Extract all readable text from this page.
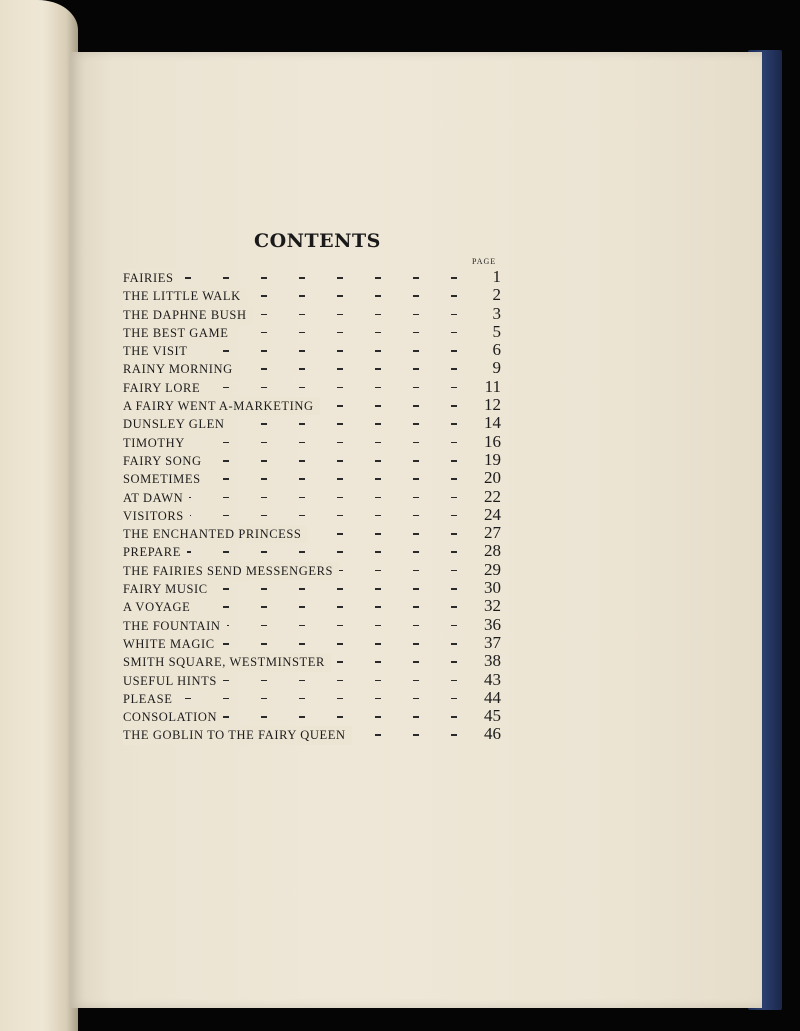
CONTENTS
PAGE
FAIRIES	1
THE LITTLE WALK	2
THE DAPHNE BUSH	3
THE BEST GAME	5
THE VISIT	6
RAINY MORNING	9
FAIRY LORE	11
A FAIRY WENT A-MARKETING	12
DUNSLEY GLEN	14
TIMOTHY	16
FAIRY SONG	19
SOMETIMES	20
AT DAWN	22
VISITORS	24
THE ENCHANTED PRINCESS	27
PREPARE	28
THE FAIRIES SEND MESSENGERS	29
FAIRY MUSIC	30
A VOYAGE	32
THE FOUNTAIN	36
WHITE MAGIC	37
SMITH SQUARE, WESTMINSTER	38
USEFUL HINTS	43
PLEASE	44
CONSOLATION	45
THE GOBLIN TO THE FAIRY QUEEN	46
